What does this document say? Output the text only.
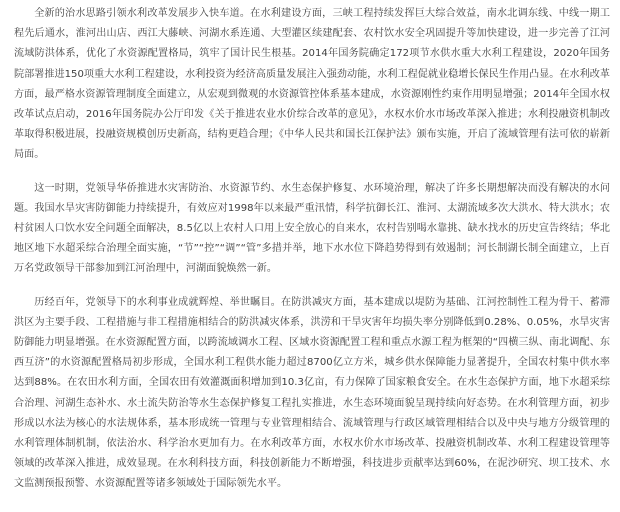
全新的治水思路引领水利改革发展步入快车道。在水利建设方面，三峡工程持续发挥巨大综合效益，南水北调东线、中线一期工程先后通水，淮河出山店、西江大藤峡、河湖水系连通、大型灌区续建配套、农村饮水安全巩固提升等加快建设，进一步完善了江河流域防洪体系，优化了水资源配置格局，筑牢了国计民生根基。2014年国务院确定172项节水供水重大水利工程建设，2020年国务院部署推进150项重大水利工程建设，水利投资为经济高质量发展注入强劲动能，水利工程促就业稳增长保民生作用凸显。在水利改革方面，最严格水资源管理制度全面建立，从宏观到微观的水资源管控体系基本建成，水资源刚性约束作用明显增强；2014年全国水权改革试点启动，2016年国务院办公厅印发《关于推进农业水价综合改革的意见》，水权水价水市场改革深入推进；水利投融资机制改革取得积极进展，投融资规模创历史新高，结构更趋合理；《中华人民共和国长江保护法》颁布实施，开启了流域管理有法可依的崭新局面。

这一时期，党领导华侨推进水灾害防治、水资源节约、水生态保护修复、水环境治理，解决了许多长期想解决而没有解决的水问题。我国水旱灾害防御能力持续提升，有效应对1998年以来最严重汛情，科学抗御长江、淮河、太湖流域多次大洪水、特大洪水；农村贫困人口饮水安全问题全面解决，8.5亿以上农村人口用上安全放心的自来水，农村告别喝水靠挑、缺水找水的历史宣告终结；华北地区地下水超采综合治理全面实施，“节”“控”“调”“管”多措并举，地下水水位下降趋势得到有效遏制；河长制湖长制全面建立，上百万名党政领导干部参加到江河治理中，河湖面貌焕然一新。

历经百年，党领导下的水利事业成就辉煌、举世瞩目。在防洪减灾方面，基本建成以堤防为基础、江河控制性工程为骨干、蓄滞洪区为主要手段、工程措施与非工程措施相结合的防洪减灾体系，洪涝和干旱灾害年均损失率分别降低到0.28%、0.05%，水旱灾害防御能力明显增强。在水资源配置方面，以跨流域调水工程、区域水资源配置工程和重点水源工程为框架的“四横三纵、南北调配、东西互济”的水资源配置格局初步形成，全国水利工程供水能力超过8700亿立方米，城乡供水保障能力显著提升，全国农村集中供水率达到88%。在农田水利方面，全国农田有效灌溉面积增加到10.3亿亩，有力保障了国家粮食安全。在水生态保护方面，地下水超采综合治理、河湖生态补水、水土流失防治等水生态保护修复工程扎实推进，水生态环境面貌呈现持续向好态势。在水利管理方面，初步形成以水法为核心的水法规体系，基本形成统一管理与专业管理相结合、流域管理与行政区域管理相结合以及中央与地方分级管理的水利管理体制机制，依法治水、科学治水更加有力。在水利改革方面，水权水价水市场改革、投融资机制改革、水利工程建设管理等领域的改革深入推进，成效显现。在水利科技方面，科技创新能力不断增强，科技进步贡献率达到60%，在泥沙研究、坝工技术、水文监测预报预警、水资源配置等诸多领域处于国际领先水平。
